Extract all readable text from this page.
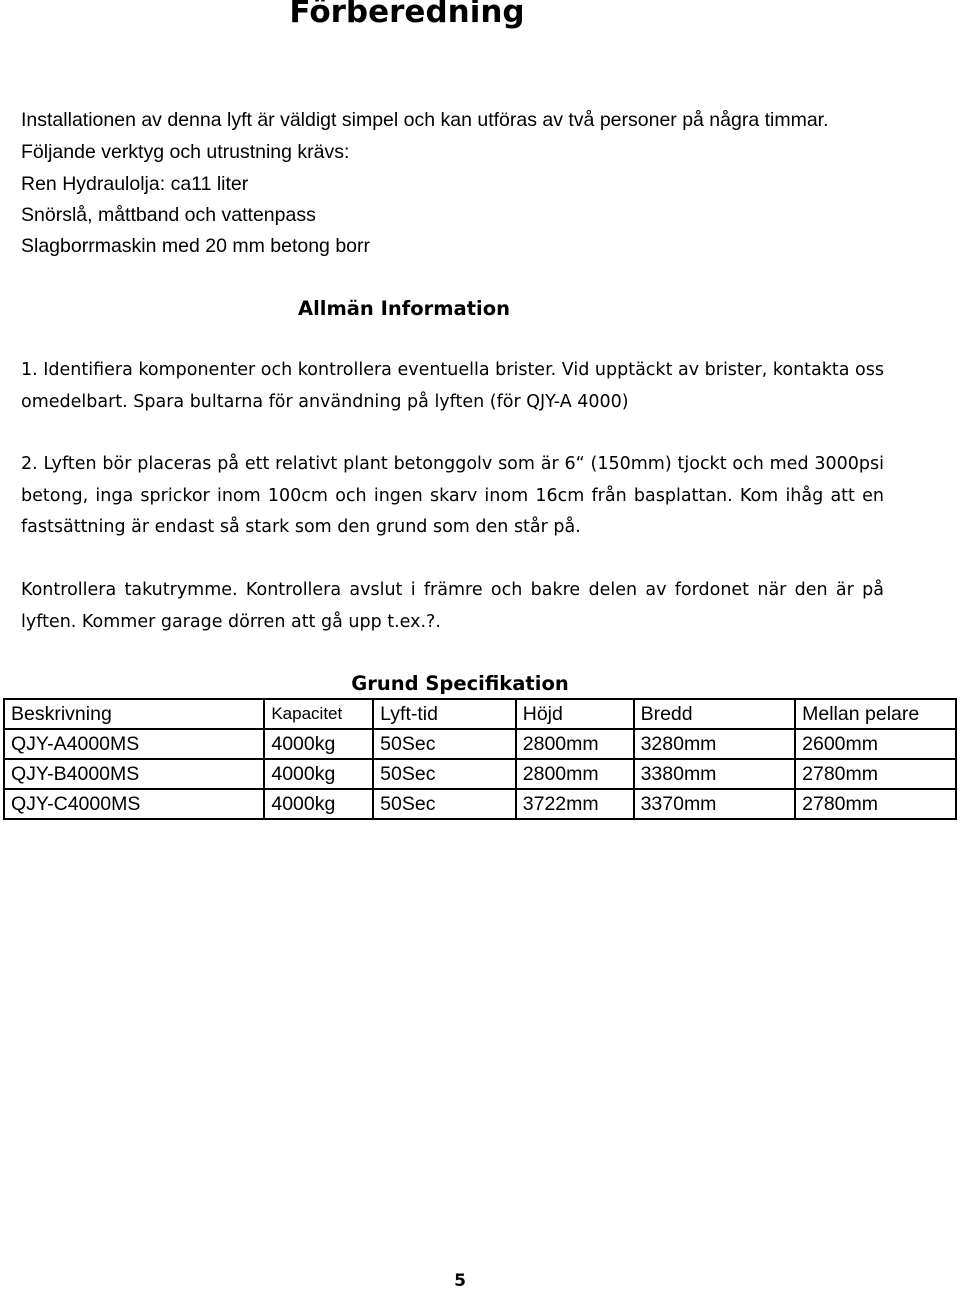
Förberedning
Installationen av denna lyft är väldigt simpel och kan utföras av två personer på några timmar.
Följande verktyg och utrustning krävs:
Ren Hydraulolja: ca11 liter
Snörslå, måttband och vattenpass
Slagborrmaskin med 20 mm betong borr
Allmän Information
1. Identifiera komponenter och kontrollera eventuella brister. Vid upptäckt av brister, kontakta oss omedelbart. Spara bultarna för användning på lyften (för QJY-A 4000)
2. Lyften bör placeras på ett relativt plant betonggolv som är 6“ (150mm) tjockt och med 3000psi betong, inga sprickor inom 100cm och ingen skarv inom 16cm från basplattan. Kom ihåg att en fastsättning är endast så stark som den grund som den står på.
Kontrollera takutrymme. Kontrollera avslut i främre och bakre delen av fordonet när den är på lyften. Kommer garage dörren att gå upp t.ex.?.
Grund Specifikation
Beskrivning	Kapacitet	Lyft-tid	Höjd	Bredd	Mellan pelare
QJY-A4000MS	4000kg	50Sec	2800mm	3280mm	2600mm
QJY-B4000MS	4000kg	50Sec	2800mm	3380mm	2780mm
QJY-C4000MS	4000kg	50Sec	3722mm	3370mm	2780mm
5
